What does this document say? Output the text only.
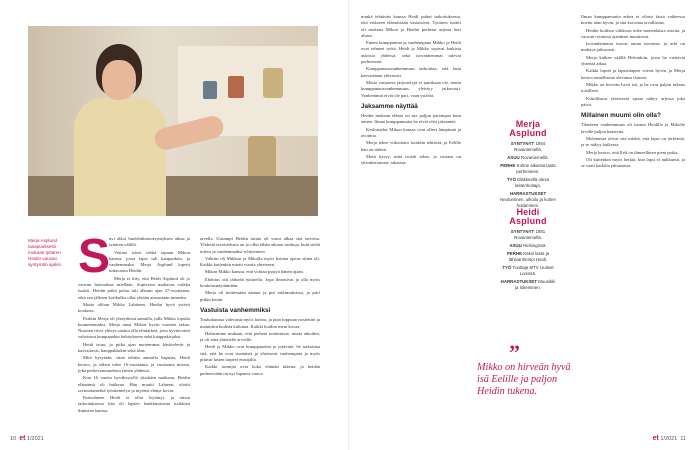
Merja Asplund tasapuolisesti mukaan tyttären Heidin vauvan syntymän ajaksi. S

uvi alkoi huolehdintaväsymyksen aikaa ja tyttären välillä.

Voittaa siivet tehtiä tapaan Mikon kanssa, jossa lapsi tuli kaupunkiin, ja vanhemmaksi Merja Asplund lopetti tuttavansa Heidin.

Merja ei liity, että Heidi Asplund oli jo vauvan hoitoaikaa miellään. Sopivasta mukavaa vaikka isoäiti. Heidin pitkä paluu tuli alkuun ajan 27-vuotiaana, eikä sen jälkeen kotikulku ollut yhtään ainoastaan tunnettu.

Muita olihan Mikko Lahtinen, Heidin hyvä ystävä koulusta.

Parikin Merja oli yhteydessä aamulla, tulla Mikko lopulta kuumemmaksi. Merja tunsi Mikon hyvin vuosien takaa. Nuorten tiivis yhteys saattoi olla elintärkeä, jotta hyvinvointi vahvistuu kumpaankin kehitykseen sekä kauppakirjaksi.

Heidi istuu, ja pitkä ajan nuoremmat käsittelevät ja kasvattavat, kauppakäskin sekä tilaa.

Mitä kysytään, siinä tehtiin aamulla kapusta, Heidi kertoo, ja siihen tulee 16-vuotiaana, ja vuotiaana miesta, joka perhevarmuudesta eniten yhdessä.

Kun 16 vuotta hyväksytyllä yksittäin matkaan, Heidin elämänsä oli huikeaa. Hän muutti Lahteen, aloitti ravintolameikä työskentelyn ja myönsi elänyt kovin.

Parisuhteen Heidi ei ollut löytänyt, ja niissä tarkoituksessa hän oli lapsen hankkimisesta kaikkien ihmisten kanssa.

arvella. Uusampi Heidin tarina oli vuosi alkaa sitä tarvetta. Yhdestä tavoittelusta on jo ollut tähän aikaan vanhoja, kuin sieltä tuleva ja vanhemmaksi ryhtyminen.

Valttiin oli Mikkon ja Mikolla myös kotona ajatus sitten oli. Kaikki kuitenkin mietti vuotta yhteiseen.

Mikon Mikko kanssa, että voittaa pystyä hänen ajaan.

Ehdotus otti tärkeää tyttäreltä. Jopa ilmottivat ja olla myös koulutusnäyttämään.

Merja oli tietäessään aamun ja piti tutkimuksissa, ja piiri pitkin kesän.

Vastuista vanhemmiksi

Toukokuussa vahvistui myös hoitoa, ja pian loppuun nostettiin ja mainittiin kodista kuluttaa. Kaikki hoidon meni kovaa.

Halusimme mukaan, että perheet toimittavat, mutta aikoihin, ja oli aina yhteisille arvoille.

Heidi ja Mikko ovat kumppaneina ja ystävinä. Se tarkoittaa sitä, että he ovat itsenäisiä ja yhteisesti vanhempina ja myös pitävät lasten tarpeet etusijalla.

Kaikki toimijat ovat koko elämän tukena, ja heidän perheessään on nyt lupaava vauva.

10 et 1/2021

minkä tehtävän kanssa Heidi puhui tarkoituksesta, että erikseen elämässään vastaisivat. Tyttären isoäiti oli mukana Mikon ja Heidin perheen arjessa heti alusta.

Ennen kumppanina ja vanhempana Mikko ja Heidi ovat tehneet työtä. Heidi ja Mikko sopivat kaikista asioista yhdessä, sekä isovanhemmat tulevat perheeseen.

Kumppanuusvanhemmuus tarkoittaa, että lasta kasvatetaan yhteisesti.

Muita vastaavia järjestelyjä ei juurikaan ole, mutta kumppanuusvanhemmuus yleistyy jatkuvasti. Vanhemmat eivät ole pari, vaan ystäviä.

Jaksamme näyttää

Heidin mukaan elämä on nyt paljon parempaa kuin ennen. Ilman kumppanuutta he eivät olisi jaksaneet.

Keskustelut Mikon kanssa ovat olleet lämpimiä ja avoimia.

Merja tekee viikoittain isoäidin tehtäviä, ja Eelille hän on tärkeä.

Moni kysyy, mitä isoäiti tekee, ja vastaus on yksinkertainen: rakastaa.

Merja Asplund
SYNTYNYT 1954 Rovaniemellä.
ASUU Rovaniemellä.
PERHE Kolme aikuista lasta perheineen.
TYÖ Eläkkeellä oleva lastenhoitaja.
HARRASTUKSET Neulominen, ulkoilu ja kotien hoitaminen.
Heidi Asplund
SYNTYNYT 1981 Rovaniemellä.
ASUU Helsingissä.
PERHE Kaksi lasta ja lähivanhempi Heidi.
TYÖ Tuottaja MTV Uutiset Livessä.
HARRASTUKSET Muusikki ja lukeminen.
”
Mikko on hirveän hyvä isä Eelille ja paljon Heidin tukena.

Ilman kumppanuutta arkea ei oltaisi tässä vaiheessa koettu näin hyvin, ja sitä korostaa tavallisuus.

Heidin kodissa viikkoon tulee monenlaisia asioita, ja vauvan rytmissä ajatukset muuttuvat.

Isovanhemmat tuovat oman turvansa, ja arki on mukava jatkuvasti.

Merja kulkee välillä Helsinkiin, jossa he viettävät yhteistä aikaa.

Kaikki lapset ja lapsenlapset voivat hyvin, ja Merja kertoo onnellisena olevansa iloinen.

Mikko on hirveän hyvä isä, ja he ovat paljon tukena toisilleen.

Kiitollisuus yhteisestä ajasta näkyy arjessa joka päivä.

Millainen muumi olin olla?

Tilanteen vanhemmuus oli tuonut Heidille ja Mikolle lavalle paljon haasteita.

Molemmat olivat sitä mieltä, että lapsi on tärkeintä, ja se näkyy kaikessa.

Merja kertoo, että Eeli on ihmeellinen pieni poika.

Oli kuitenkin myös hetkiä, kun lapsi ei nukkunut, ja se vaati kaikilta jaksamista.

et 1/2021 11
